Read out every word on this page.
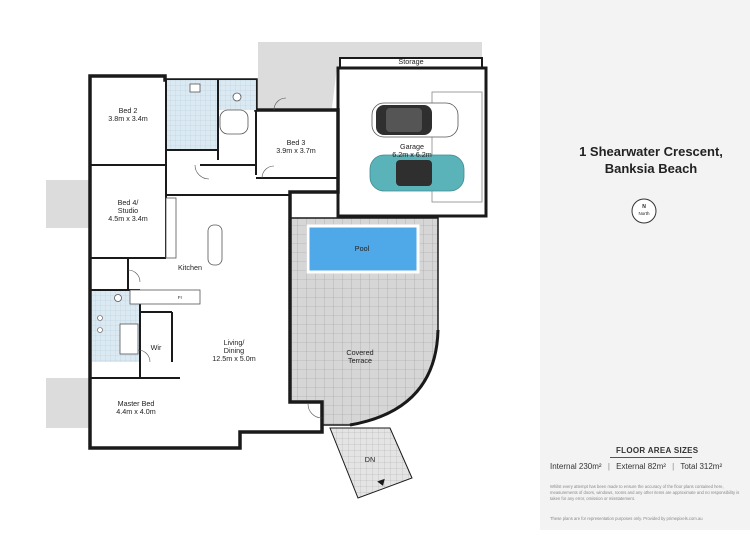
Storage
Garage
6.2m x 6.2m
Pool
Covered
Terrace
DN
Fr
Bed 2
3.8m x 3.4m
Bed 3
3.9m x 3.7m
Bed 4/
Studio
4.5m x 3.4m
Kitchen
Wir
Living/
Dining
12.5m x 5.0m
Master Bed
4.4m x 4.0m
1 Shearwater Crescent,
Banksia Beach
N
North
FLOOR AREA SIZES
Internal 230m² | External 82m² | Total 312m²
Whilst every attempt has been made to ensure the accuracy of the floor plans contained here, measurements of doors, windows, rooms and any other items are approximate and no responsibility is taken for any error, omission or misstatement.
These plans are for representation purposes only. Provided by primepixels.com.au
